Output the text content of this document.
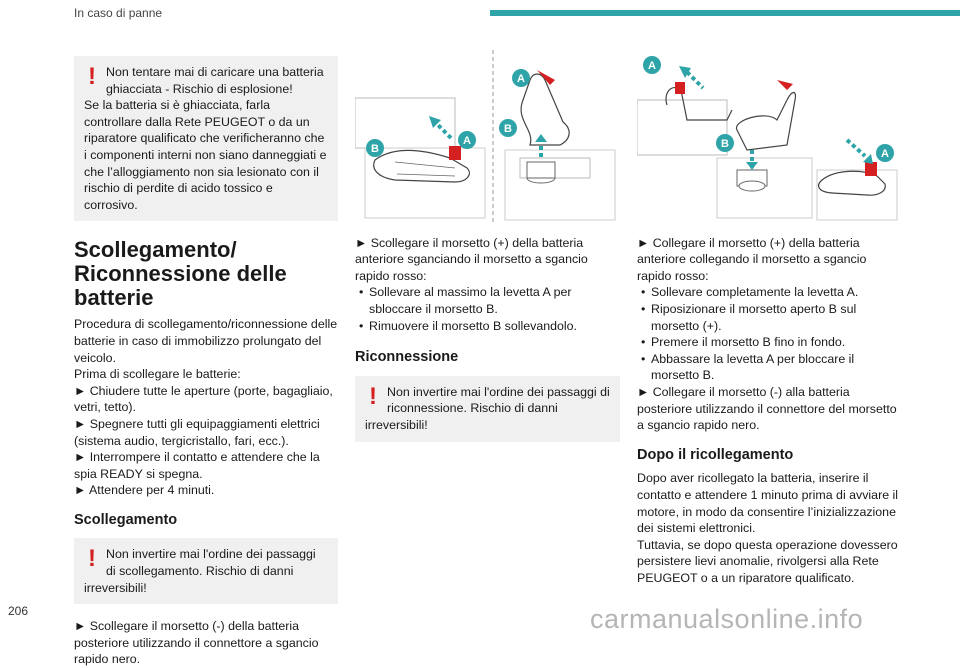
In caso di panne
! Non tentare mai di caricare una batteria ghiacciata - Rischio di esplosione!

Se la batteria si è ghiacciata, farla controllare dalla Rete PEUGEOT o da un riparatore qualificato che verificheranno che i componenti interni non siano danneggiati e che l’alloggiamento non sia lesionato con il rischio di perdite di acido tossico e corrosivo.

Scollegamento/
Riconnessione delle batterie

Procedura di scollegamento/riconnessione delle batterie in caso di immobilizzo prolungato del veicolo.

Prima di scollegare le batterie:

► Chiudere tutte le aperture (porte, bagagliaio, vetri, tetto).

► Spegnere tutti gli equipaggiamenti elettrici (sistema audio, tergicristallo, fari, ecc.).

► Interrompere il contatto e attendere che la spia READY si spegna.

► Attendere per 4 minuti.

Scollegamento
! Non invertire mai l'ordine dei passaggi di scollegamento. Rischio di danni

irreversibili!

► Scollegare il morsetto (-) della batteria posteriore utilizzando il connettore a sgancio rapido nero.

A
B
A
B

► Scollegare il morsetto (+) della batteria anteriore sganciando il morsetto a sgancio rapido rosso:

• Sollevare al massimo la levetta A per sbloccare il morsetto B.

• Rimuovere il morsetto B sollevandolo.

Riconnessione
! Non invertire mai l'ordine dei passaggi di riconnessione. Rischio di danni

irreversibili!

A
B
A

► Collegare il morsetto (+) della batteria anteriore collegando il morsetto a sgancio rapido rosso:

• Sollevare completamente la levetta A.

• Riposizionare il morsetto aperto B sul morsetto (+).

• Premere il morsetto B fino in fondo.

• Abbassare la levetta A per bloccare il morsetto B.

► Collegare il morsetto (-) alla batteria posteriore utilizzando il connettore del morsetto a sgancio rapido nero.

Dopo il ricollegamento

Dopo aver ricollegato la batteria, inserire il contatto e attendere 1 minuto prima di avviare il motore, in modo da consentire l’inizializzazione dei sistemi elettronici.

Tuttavia, se dopo questa operazione dovessero persistere lievi anomalie, rivolgersi alla Rete PEUGEOT o a un riparatore qualificato.

206	carmanualsonline.info
